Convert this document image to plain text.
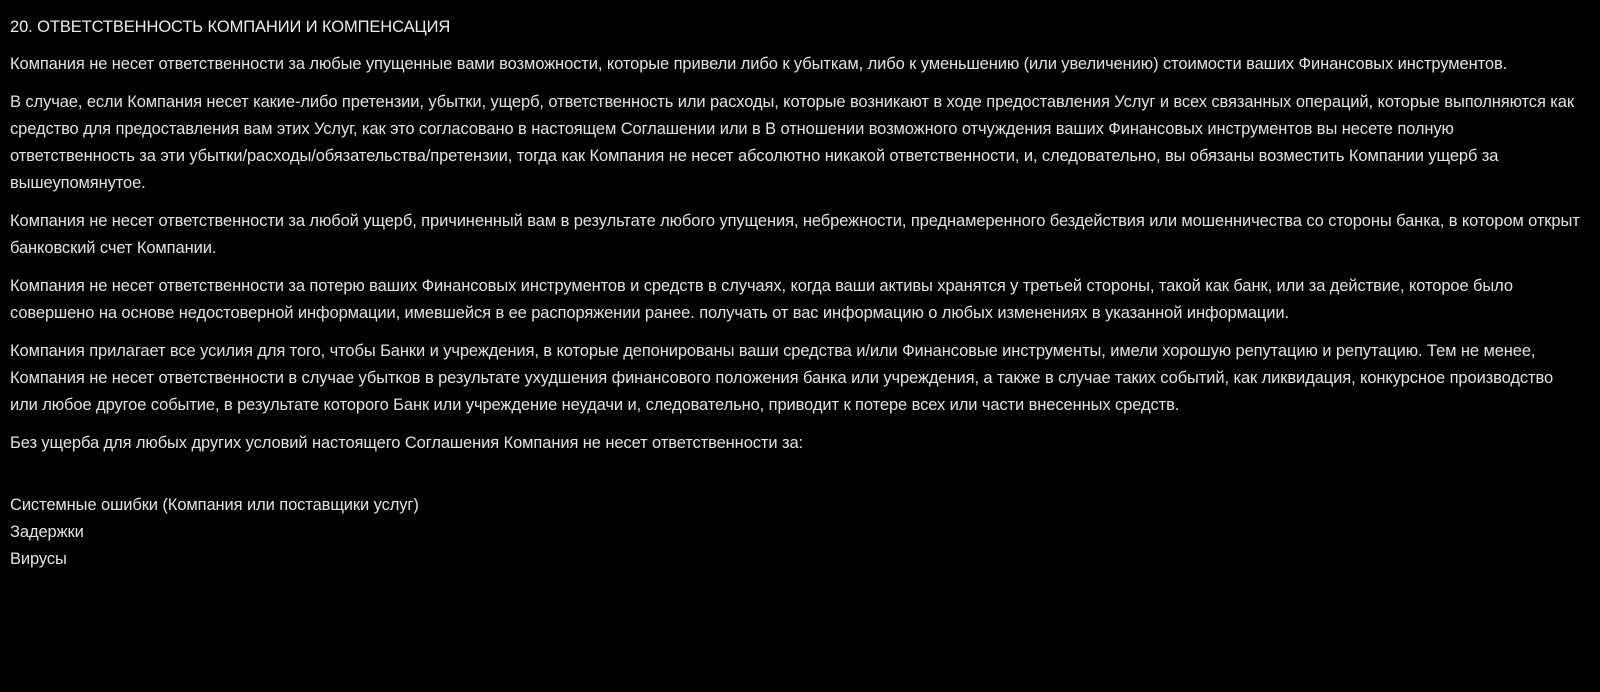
20. ОТВЕТСТВЕННОСТЬ КОМПАНИИ И КОМПЕНСАЦИЯ

Компания не несет ответственности за любые упущенные вами возможности, которые привели либо к убыткам, либо к уменьшению (или увеличению) стоимости ваших Финансовых инструментов.

В случае, если Компания несет какие-либо претензии, убытки, ущерб, ответственность или расходы, которые возникают в ходе предоставления Услуг и всех связанных операций, которые выполняются как средство для предоставления вам этих Услуг, как это согласовано в настоящем Соглашении или в В отношении возможного отчуждения ваших Финансовых инструментов вы несете полную ответственность за эти убытки/расходы/обязательства/претензии, тогда как Компания не несет абсолютно никакой ответственности, и, следовательно, вы обязаны возместить Компании ущерб за вышеупомянутое.

Компания не несет ответственности за любой ущерб, причиненный вам в результате любого упущения, небрежности, преднамеренного бездействия или мошенничества со стороны банка, в котором открыт банковский счет Компании.

Компания не несет ответственности за потерю ваших Финансовых инструментов и средств в случаях, когда ваши активы хранятся у третьей стороны, такой как банк, или за действие, которое было совершено на основе недостоверной информации, имевшейся в ее распоряжении ранее. получать от вас информацию о любых изменениях в указанной информации.

Компания прилагает все усилия для того, чтобы Банки и учреждения, в которые депонированы ваши средства и/или Финансовые инструменты, имели хорошую репутацию и репутацию. Тем не менее, Компания не несет ответственности в случае убытков в результате ухудшения финансового положения банка или учреждения, а также в случае таких событий, как ликвидация, конкурсное производство или любое другое событие, в результате которого Банк или учреждение неудачи и, следовательно, приводит к потере всех или части внесенных средств.

Без ущерба для любых других условий настоящего Соглашения Компания не несет ответственности за:

Системные ошибки (Компания или поставщики услуг)
Задержки
Вирусы
